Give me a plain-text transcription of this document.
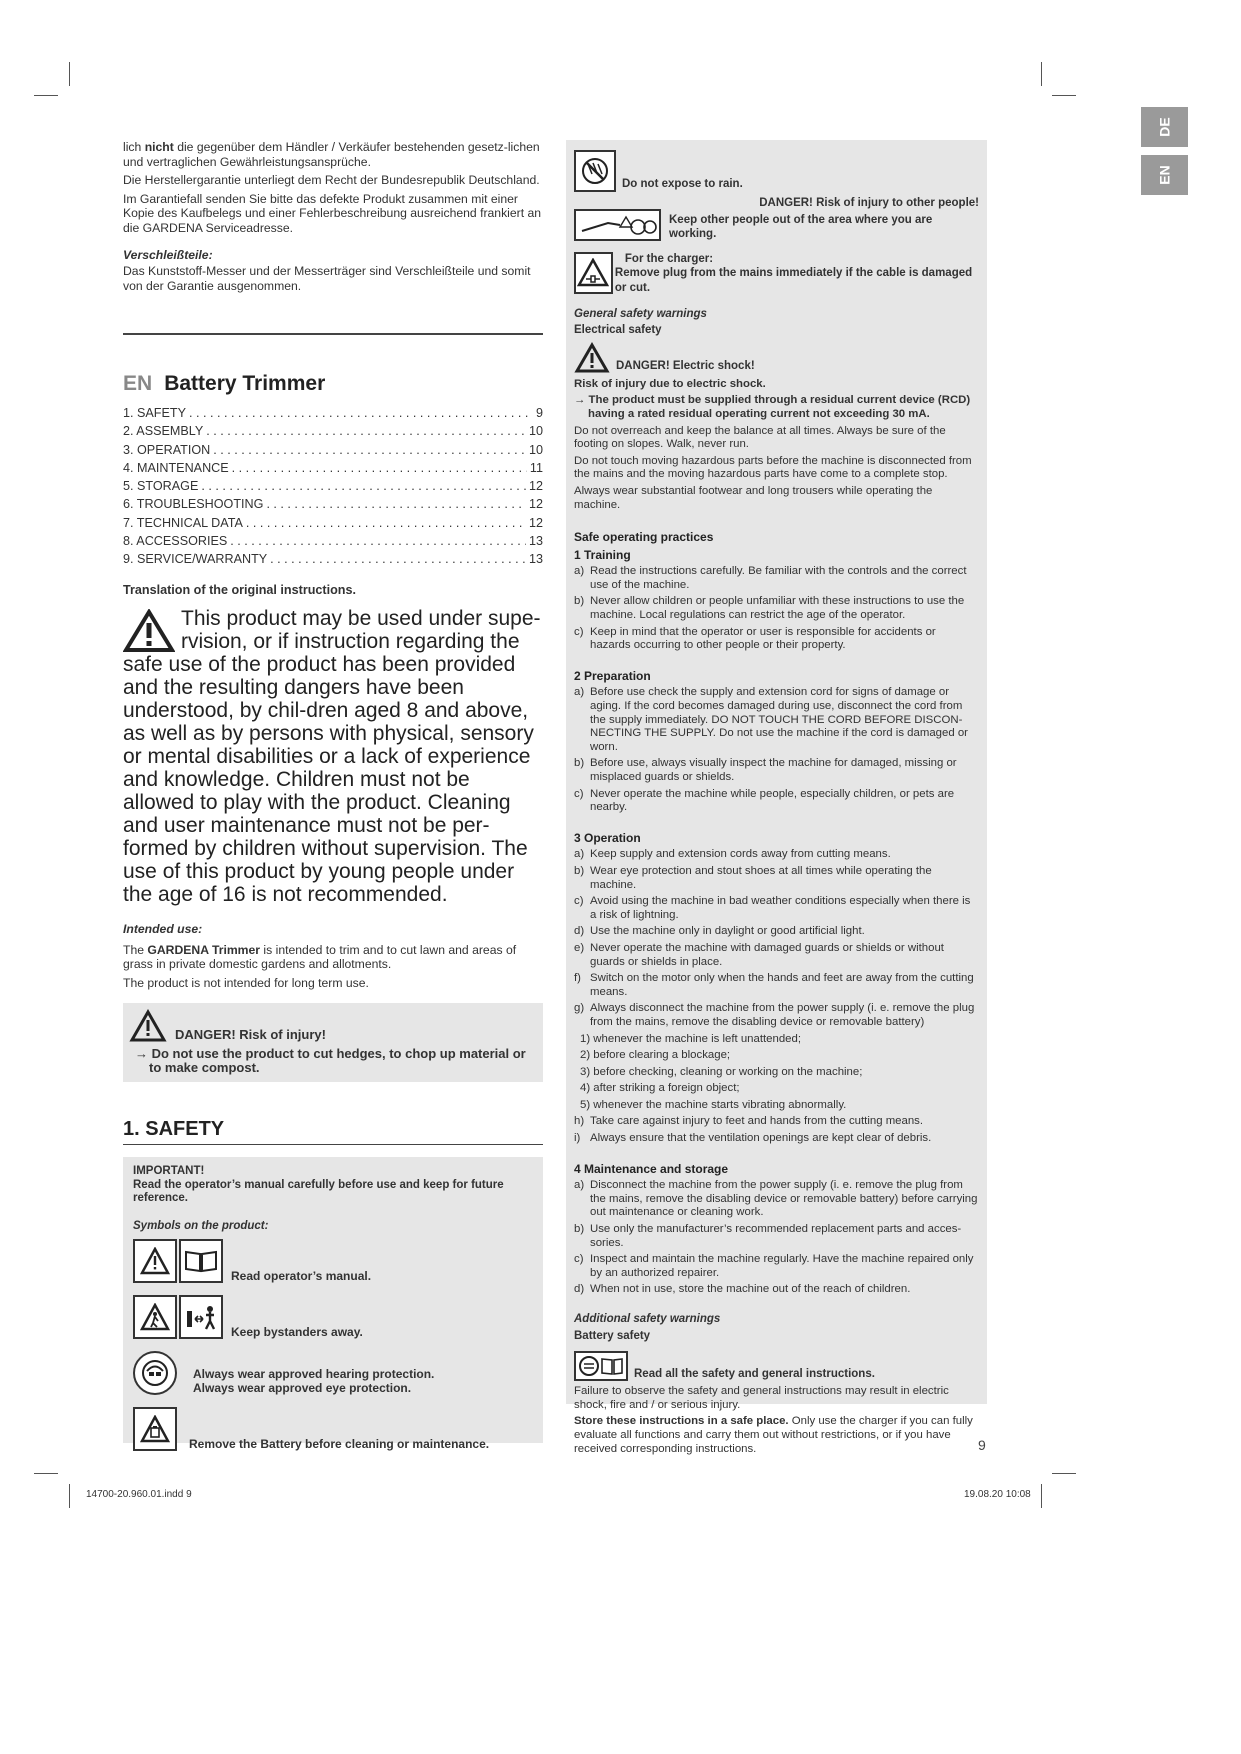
DE
EN

lich nicht die gegenüber dem Händler / Verkäufer bestehenden gesetz-lichen und vertraglichen Gewährleistungsansprüche.

Die Herstellergarantie unterliegt dem Recht der Bundesrepublik Deutschland.

Im Garantiefall senden Sie bitte das defekte Produkt zusammen mit einer Kopie des Kaufbelegs und einer Fehlerbeschreibung ausreichend frankiert an die GARDENA Serviceadresse.

Verschleißteile:

Das Kunststoff-Messer und der Messerträger sind Verschleißteile und somit von der Garantie ausgenommen.

EN Battery Trimmer
1. SAFETY . . .	9
2. ASSEMBLY . . .	10
3. OPERATION . . .	10
4. MAINTENANCE . . .	11
5. STORAGE . . .	12
6. TROUBLESHOOTING . . .	12
7. TECHNICAL DATA . . .	12
8. ACCESSORIES . . .	13
9. SERVICE/WARRANTY . . .	13

Translation of the original instructions.

This product may be used under supe-rvision, or if instruction regarding the safe use of the product has been provided and the resulting dangers have been understood, by chil-dren aged 8 and above, as well as by persons with physical, sensory or mental disabilities or a lack of experience and knowledge. Children must not be allowed to play with the product. Cleaning and user maintenance must not be per-formed by children without supervision. The use of this product by young people under the age of 16 is not recommended.

Intended use:

The GARDENA Trimmer is intended to trim and to cut lawn and areas of grass in private domestic gardens and allotments.

The product is not intended for long term use.

DANGER! Risk of injury!

→ Do not use the product to cut hedges, to chop up material or to make compost.

1. SAFETY

IMPORTANT!

Read the operator’s manual carefully before use and keep for future reference.

Symbols on the product:

Read operator’s manual.
Keep bystanders away.
Always wear approved hearing protection.
Always wear approved eye protection.
Remove the Battery before cleaning or maintenance.
Do not expose to rain.
DANGER! Risk of injury to other people!
Keep other people out of the area where you are working.
For the charger:
Remove plug from the mains immediately if the cable is damaged or cut.

General safety warnings

Electrical safety

DANGER! Electric shock!

Risk of injury due to electric shock.

→ The product must be supplied through a residual current device (RCD) having a rated residual operating current not exceeding 30 mA.

Do not overreach and keep the balance at all times. Always be sure of the footing on slopes. Walk, never run.

Do not touch moving hazardous parts before the machine is disconnected from the mains and the moving hazardous parts have come to a complete stop.

Always wear substantial footwear and long trousers while operating the machine.

Safe operating practices
1 Training
a) Read the instructions carefully. Be familiar with the controls and the correct use of the machine.
b) Never allow children or people unfamiliar with these instructions to use the machine. Local regulations can restrict the age of the operator.
c) Keep in mind that the operator or user is responsible for accidents or hazards occurring to other people or their property.
2 Preparation
a) Before use check the supply and extension cord for signs of damage or aging. If the cord becomes damaged during use, disconnect the cord from the supply immediately. DO NOT TOUCH THE CORD BEFORE DISCON-NECTING THE SUPPLY. Do not use the machine if the cord is damaged or worn.
b) Before use, always visually inspect the machine for damaged, missing or misplaced guards or shields.
c) Never operate the machine while people, especially children, or pets are nearby.
3 Operation
a) Keep supply and extension cords away from cutting means.
b) Wear eye protection and stout shoes at all times while operating the machine.
c) Avoid using the machine in bad weather conditions especially when there is a risk of lightning.
d) Use the machine only in daylight or good artificial light.
e) Never operate the machine with damaged guards or shields or without guards or shields in place.
f) Switch on the motor only when the hands and feet are away from the cutting means.
g) Always disconnect the machine from the power supply (i. e. remove the plug from the mains, remove the disabling device or removable battery)
1) whenever the machine is left unattended;
2) before clearing a blockage;
3) before checking, cleaning or working on the machine;
4) after striking a foreign object;
5) whenever the machine starts vibrating abnormally.
h) Take care against injury to feet and hands from the cutting means.
i) Always ensure that the ventilation openings are kept clear of debris.
4 Maintenance and storage
a) Disconnect the machine from the power supply (i. e. remove the plug from the mains, remove the disabling device or removable battery) before carrying out maintenance or cleaning work.
b) Use only the manufacturer’s recommended replacement parts and acces-sories.
c) Inspect and maintain the machine regularly. Have the machine repaired only by an authorized repairer.
d) When not in use, store the machine out of the reach of children.

Additional safety warnings

Battery safety

Read all the safety and general instructions.

Failure to observe the safety and general instructions may result in electric shock, fire and / or serious injury.

Store these instructions in a safe place. Only use the charger if you can fully evaluate all functions and carry them out without restrictions, or if you have received corresponding instructions.	9
14700-20.960.01.indd 9	19.08.20 10:08
